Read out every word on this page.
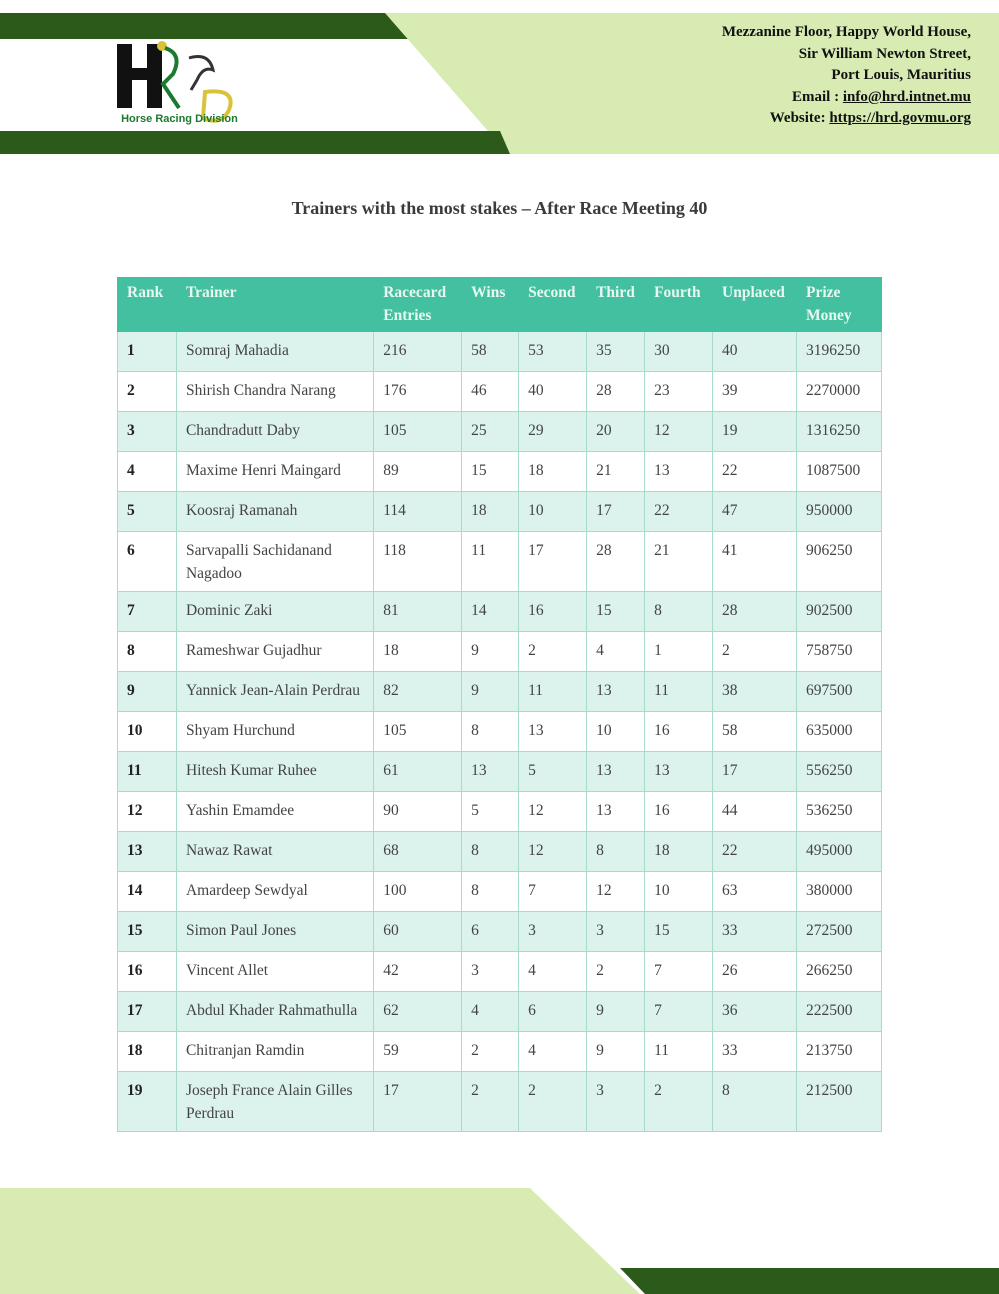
Horse Racing Division
Mezzanine Floor, Happy World House,
Sir William Newton Street,
Port Louis, Mauritius
Email : info@hrd.intnet.mu
Website: https://hrd.govmu.org
Trainers with the most stakes – After Race Meeting 40
Rank	Trainer	Racecard Entries	Wins	Second	Third	Fourth	Unplaced	Prize Money
1	Somraj Mahadia	216	58	53	35	30	40	3196250
2	Shirish Chandra Narang	176	46	40	28	23	39	2270000
3	Chandradutt Daby	105	25	29	20	12	19	1316250
4	Maxime Henri Maingard	89	15	18	21	13	22	1087500
5	Koosraj Ramanah	114	18	10	17	22	47	950000
6	Sarvapalli Sachidanand Nagadoo	118	11	17	28	21	41	906250
7	Dominic Zaki	81	14	16	15	8	28	902500
8	Rameshwar Gujadhur	18	9	2	4	1	2	758750
9	Yannick Jean-Alain Perdrau	82	9	11	13	11	38	697500
10	Shyam Hurchund	105	8	13	10	16	58	635000
11	Hitesh Kumar Ruhee	61	13	5	13	13	17	556250
12	Yashin Emamdee	90	5	12	13	16	44	536250
13	Nawaz Rawat	68	8	12	8	18	22	495000
14	Amardeep Sewdyal	100	8	7	12	10	63	380000
15	Simon Paul Jones	60	6	3	3	15	33	272500
16	Vincent Allet	42	3	4	2	7	26	266250
17	Abdul Khader Rahmathulla	62	4	6	9	7	36	222500
18	Chitranjan Ramdin	59	2	4	9	11	33	213750
19	Joseph France Alain Gilles Perdrau	17	2	2	3	2	8	212500
